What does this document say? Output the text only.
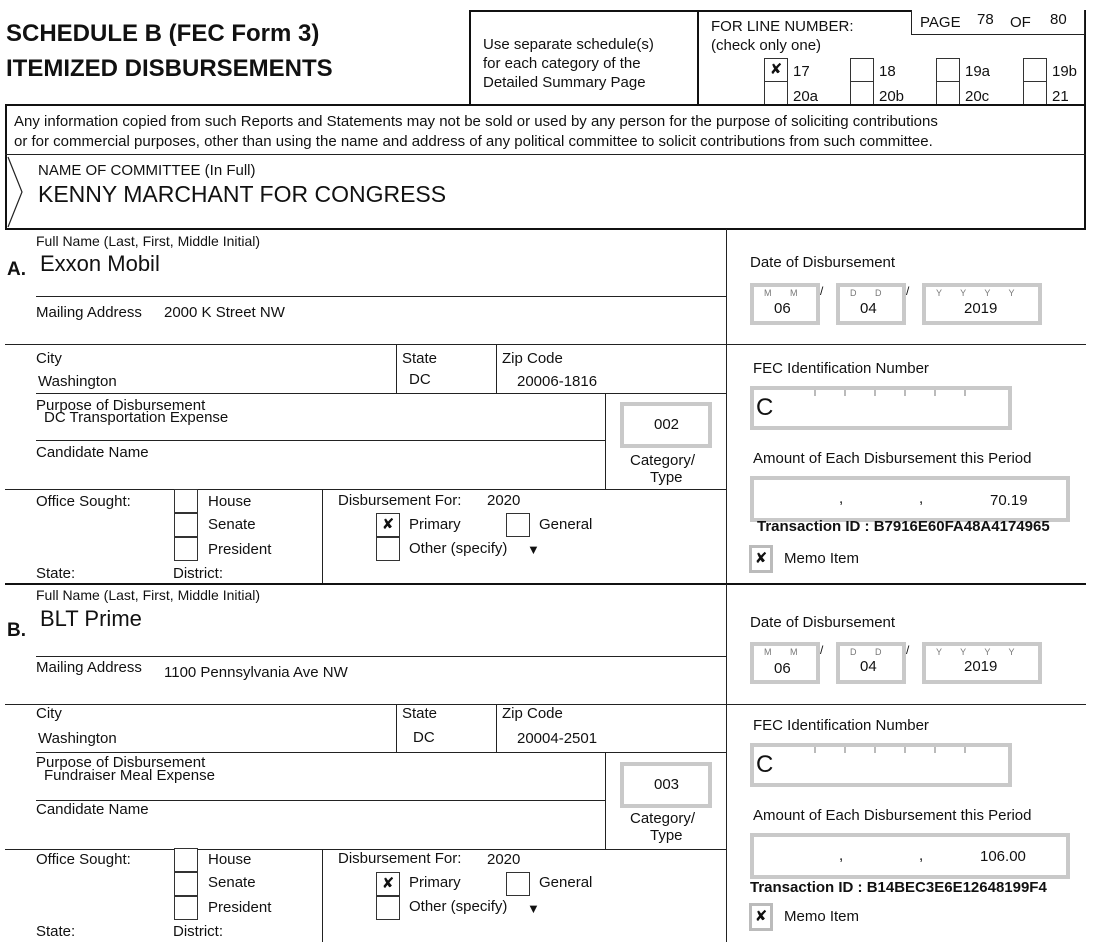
SCHEDULE B (FEC Form 3)
ITEMIZED DISBURSEMENTS
Use separate schedule(s)
for each category of the
Detailed Summary Page
FOR LINE NUMBER:
(check only one)
PAGE 78 OF 80
✘ 17	18	19a	19b
20a	20b	20c	21
Any information copied from such Reports and Statements may not be sold or used by any person for the purpose of soliciting contributions
or for commercial purposes, other than using the name and address of any political committee to solicit contributions from such committee.
NAME OF COMMITTEE (In Full)
KENNY MARCHANT FOR CONGRESS
Full Name (Last, First, Middle Initial)
A. Exxon Mobil
Mailing Address 2000 K Street NW
City
Washington
State
DC
Zip Code
20006-1816
Purpose of Disbursement
DC Transportation Expense	002
Category/
Type
Candidate Name
Office Sought:	House
Senate
President
State:	District:
Disbursement For: 2020
✘ Primary	General
Other (specify) ▼
Date of Disbursement
M M
06
/	D D
04
/	Y Y Y Y
2019
FEC Identification Number
C
Amount of Each Disbursement this Period
,	,	70.19
Transaction ID : B7916E60FA48A4174965
✘	Memo Item
Full Name (Last, First, Middle Initial)
B. BLT Prime
Mailing Address 1100 Pennsylvania Ave NW
City
Washington
State
DC
Zip Code
20004-2501
Purpose of Disbursement
Fundraiser Meal Expense
003
Category/
Type
Candidate Name
Office Sought:	House
Senate
President
State:	District:
Disbursement For: 2020
✘ Primary	General
Other (specify) ▼
Date of Disbursement
M M
06
/	D D
04
/	Y Y Y Y
2019
FEC Identification Number
C
Amount of Each Disbursement this Period
,	,	106.00
Transaction ID : B14BEC3E6E12648199F4
✘	Memo Item
